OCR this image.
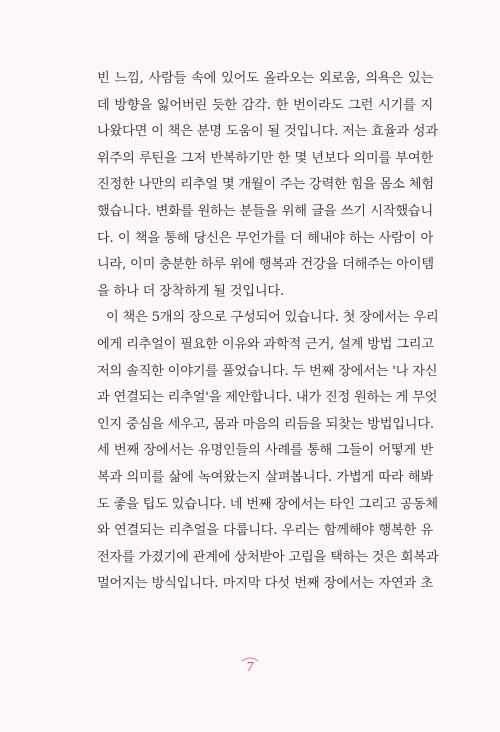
빈 느낌, 사람들 속에 있어도 올라오는 외로움, 의욕은 있는
데 방향을 잃어버린 듯한 감각. 한 번이라도 그런 시기를 지
나왔다면 이 책은 분명 도움이 될 것입니다. 저는 효율과 성과
위주의 루틴을 그저 반복하기만 한 몇 년보다 의미를 부여한
진정한 나만의 리추얼 몇 개월이 주는 강력한 힘을 몸소 체험
했습니다. 변화를 원하는 분들을 위해 글을 쓰기 시작했습니
다. 이 책을 통해 당신은 무언가를 더 해내야 하는 사람이 아
니라, 이미 충분한 하루 위에 행복과 건강을 더해주는 아이템
을 하나 더 장착하게 될 것입니다.
이 책은 5개의 장으로 구성되어 있습니다. 첫 장에서는 우리
에게 리추얼이 필요한 이유와 과학적 근거, 설계 방법 그리고
저의 솔직한 이야기를 풀었습니다. 두 번째 장에서는 '나 자신
과 연결되는 리추얼'을 제안합니다. 내가 진정 원하는 게 무엇
인지 중심을 세우고, 몸과 마음의 리듬을 되찾는 방법입니다.
세 번째 장에서는 유명인들의 사례를 통해 그들이 어떻게 반
복과 의미를 삶에 녹여왔는지 살펴봅니다. 가볍게 따라 해봐
도 좋을 팁도 있습니다. 네 번째 장에서는 타인 그리고 공동체
와 연결되는 리추얼을 다룹니다. 우리는 함께해야 행복한 유
전자를 가졌기에 관계에 상처받아 고립을 택하는 것은 회복과
멀어지는 방식입니다. 마지막 다섯 번째 장에서는 자연과 초
7
